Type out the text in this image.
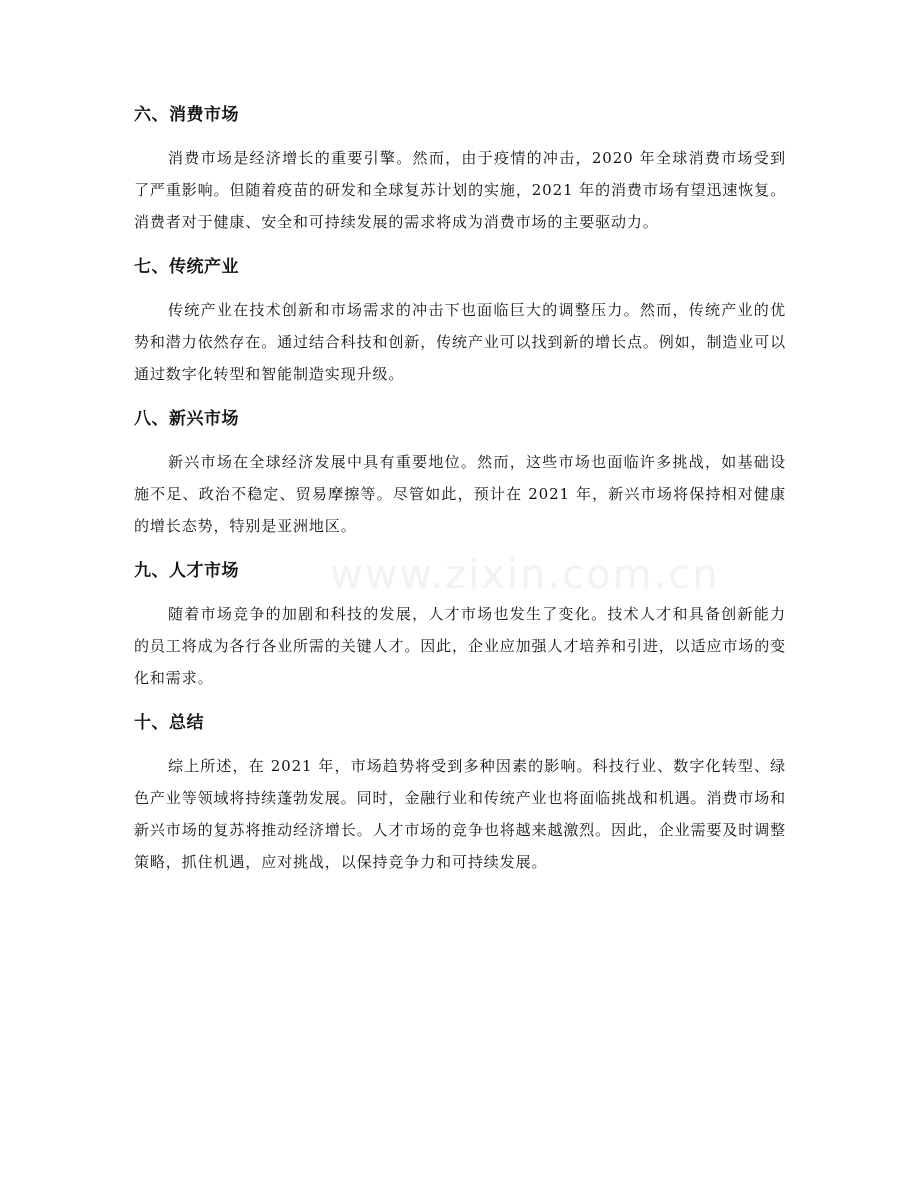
www.zixin.com.cn
六、消费市场

消费市场是经济增长的重要引擎。然而，由于疫情的冲击，2020 年全球消费市场受到了严重影响。但随着疫苗的研发和全球复苏计划的实施，2021 年的消费市场有望迅速恢复。消费者对于健康、安全和可持续发展的需求将成为消费市场的主要驱动力。

七、传统产业

传统产业在技术创新和市场需求的冲击下也面临巨大的调整压力。然而，传统产业的优势和潜力依然存在。通过结合科技和创新，传统产业可以找到新的增长点。例如，制造业可以通过数字化转型和智能制造实现升级。

八、新兴市场

新兴市场在全球经济发展中具有重要地位。然而，这些市场也面临许多挑战，如基础设施不足、政治不稳定、贸易摩擦等。尽管如此，预计在 2021 年，新兴市场将保持相对健康的增长态势，特别是亚洲地区。

九、人才市场

随着市场竞争的加剧和科技的发展，人才市场也发生了变化。技术人才和具备创新能力的员工将成为各行各业所需的关键人才。因此，企业应加强人才培养和引进，以适应市场的变化和需求。

十、总结

综上所述，在 2021 年，市场趋势将受到多种因素的影响。科技行业、数字化转型、绿色产业等领域将持续蓬勃发展。同时，金融行业和传统产业也将面临挑战和机遇。消费市场和新兴市场的复苏将推动经济增长。人才市场的竞争也将越来越激烈。因此，企业需要及时调整策略，抓住机遇，应对挑战，以保持竞争力和可持续发展。
